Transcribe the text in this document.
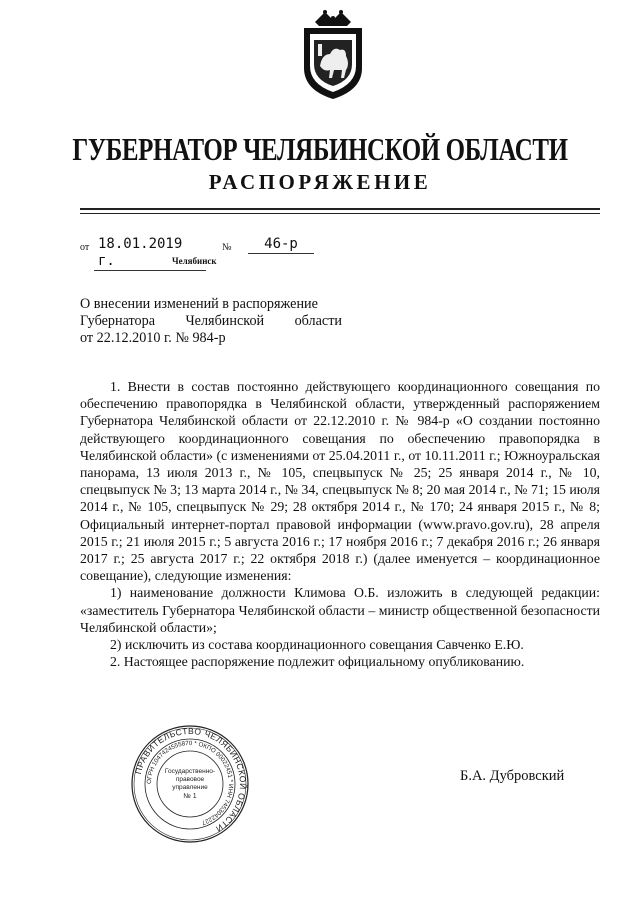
ГУБЕРНАТОР ЧЕЛЯБИНСКОЙ ОБЛАСТИ
РАСПОРЯЖЕНИЕ
от 18.01.2019 г.
№	46-р
Челябинск
О внесении изменений в распоряжение
Губернатора Челябинской области
от 22.12.2010 г. № 984-р

1. Внести в состав постоянно действующего координационного совещания по обеспечению правопорядка в Челябинской области, утвержденный распоряжением Губернатора Челябинской области от 22.12.2010 г. № 984-р «О создании постоянно действующего координационного совещания по обеспечению правопорядка в Челябинской области» (с изменениями от 25.04.2011 г., от 10.11.2011 г.; Южноуральская панорама, 13 июля 2013 г., № 105, спецвыпуск № 25; 25 января 2014 г., № 10, спецвыпуск № 3; 13 марта 2014 г., № 34, спецвыпуск № 8; 20 мая 2014 г., № 71; 15 июля 2014 г., № 105, спецвыпуск № 29; 28 октября 2014 г., № 170; 24 января 2015 г., № 8; Официальный интернет-портал правовой информации (www.pravo.gov.ru), 28 апреля 2015 г.; 21 июля 2015 г.; 5 августа 2016 г.; 17 ноября 2016 г.; 7 декабря 2016 г.; 26 января 2017 г.; 25 августа 2017 г.; 22 октября 2018 г.) (далее именуется – координационное совещание), следующие изменения:

1) наименование должности Климова О.Б. изложить в следующей редакции: «заместитель Губернатора Челябинской области – министр общественной безопасности Челябинской области»;

2) исключить из состава координационного совещания Савченко Е.Ю.

2. Настоящее распоряжение подлежит официальному опубликованию.

ПРАВИТЕЛЬСТВО ЧЕЛЯБИНСКОЙ ОБЛАСТИ
ОГРН 1047424555870 * ОКПО 00022451 * ИНН 7453042227
Государственно-
правовое
управление
№ 1
Б.А. Дубровский
